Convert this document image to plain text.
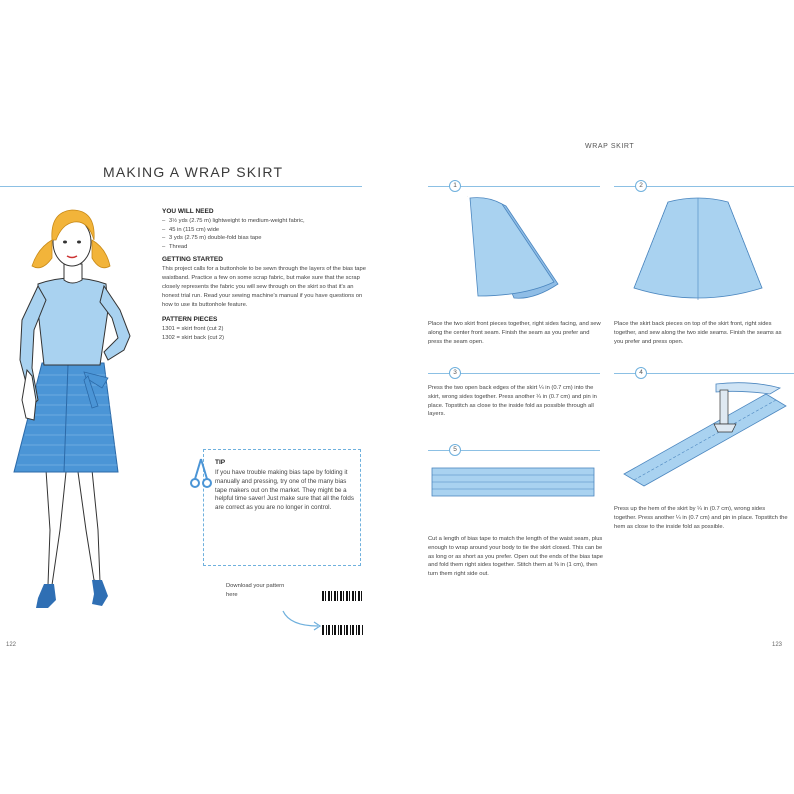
MAKING A WRAP SKIRT
YOU WILL NEED
– 3½ yds (2.75 m) lightweight to medium-weight fabric,
– 45 in (115 cm) wide
– 3 yds (2.75 m) double-fold bias tape
– Thread
GETTING STARTED

This project calls for a buttonhole to be sewn through the layers of the bias tape waistband. Practice a few on some scrap fabric, but make sure that the scrap closely represents the fabric you will sew through on the skirt so that it's an honest trial run. Read your sewing machine's manual if you have questions on how to use its buttonhole feature.

PATTERN PIECES
1301 = skirt front (cut 2)
1302 = skirt back (cut 2)
TIP
If you have trouble making bias tape by folding it manually and pressing, try one of the many bias tape makers out on the market. They might be a helpful time saver! Just make sure that all the folds are correct as you are no longer in control.
Download your pattern here
122
WRAP SKIRT
1	2
3	4
5
Place the two skirt front pieces together, right sides facing, and sew along the center front seam. Finish the seam as you prefer and press the seam open.
Place the skirt back pieces on top of the skirt front, right sides together, and sew along the two side seams. Finish the seams as you prefer and press open.
Press the two open back edges of the skirt ¼ in (0.7 cm) into the skirt, wrong sides together. Press another ¼ in (0.7 cm) and pin in place. Topstitch as close to the inside fold as possible through all layers.
Press up the hem of the skirt by ¼ in (0.7 cm), wrong sides together. Press another ¼ in (0.7 cm) and pin in place. Topstitch the hem as close to the inside fold as possible.
Cut a length of bias tape to match the length of the waist seam, plus enough to wrap around your body to tie the skirt closed. This can be as long or as short as you prefer. Open out the ends of the bias tape and fold them right sides together. Stitch them at ⅜ in (1 cm), then turn them right side out.
123
